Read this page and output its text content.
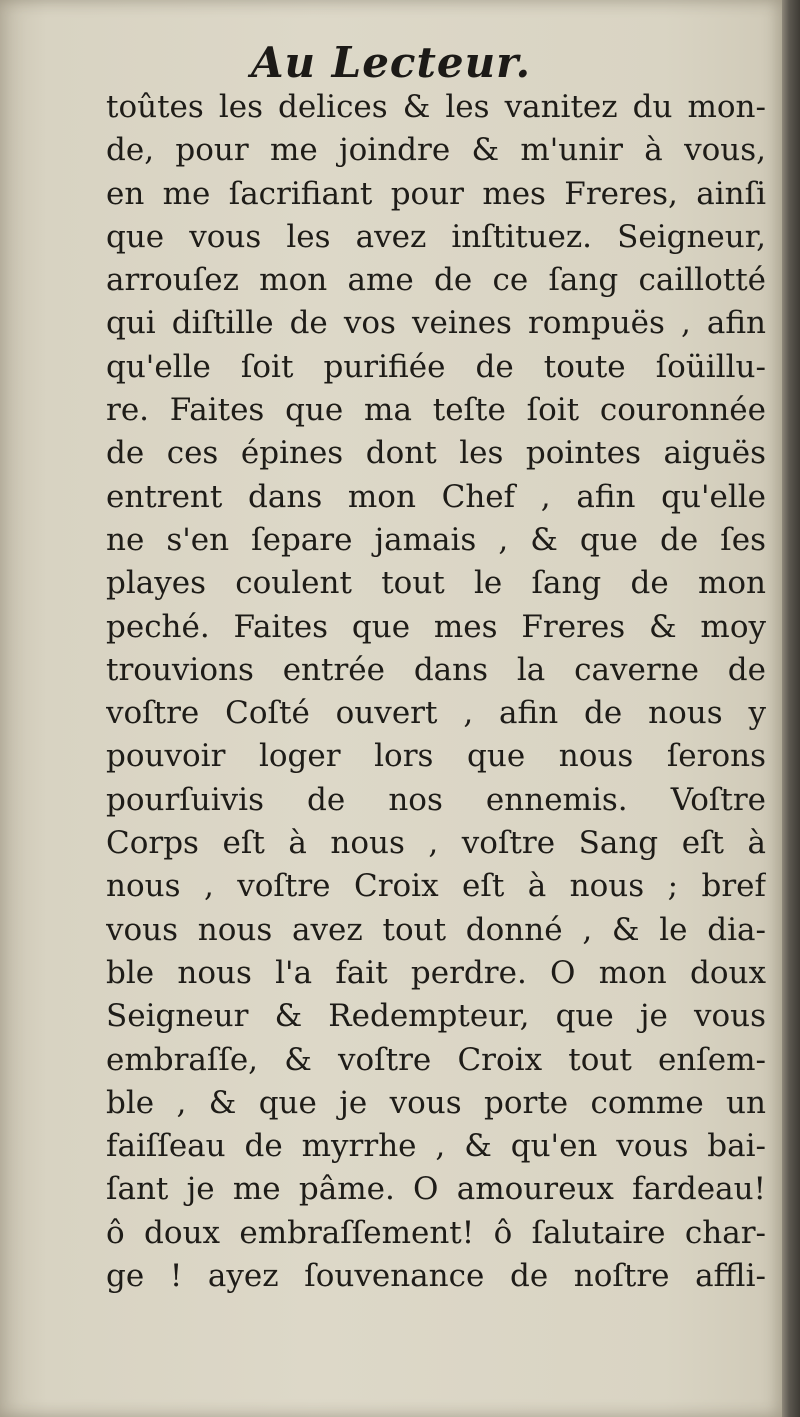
Au Lecteur.
toûtes les delices & les vanitez du mon-
de, pour me joindre & m'unir à vous,
en me ſacrifiant pour mes Freres, ainſi
que vous les avez inſtituez. Seigneur,
arrouſez mon ame de ce ſang caillotté
qui diſtille de vos veines rompuës , afin
qu'elle ſoit purifiée de toute ſoüillu-
re. Faites que ma teſte ſoit couronnée
de ces épines dont les pointes aiguës
entrent dans mon Chef , afin qu'elle
ne s'en ſepare jamais , & que de ſes
playes coulent tout le ſang de mon
peché. Faites que mes Freres & moy
trouvions entrée dans la caverne de
voſtre Coſté ouvert , afin de nous y
pouvoir loger lors que nous ſerons
pourſuivis de nos ennemis. Voſtre
Corps eſt à nous , voſtre Sang eſt à
nous , voſtre Croix eſt à nous ; bref
vous nous avez tout donné , & le dia-
ble nous l'a fait perdre. O mon doux
Seigneur & Redempteur, que je vous
embraſſe, & voſtre Croix tout enſem-
ble , & que je vous porte comme un
faiſſeau de myrrhe , & qu'en vous bai-
ſant je me pâme. O amoureux fardeau!
ô doux embraſſement! ô ſalutaire char-
ge ! ayez ſouvenance de noſtre affli-
